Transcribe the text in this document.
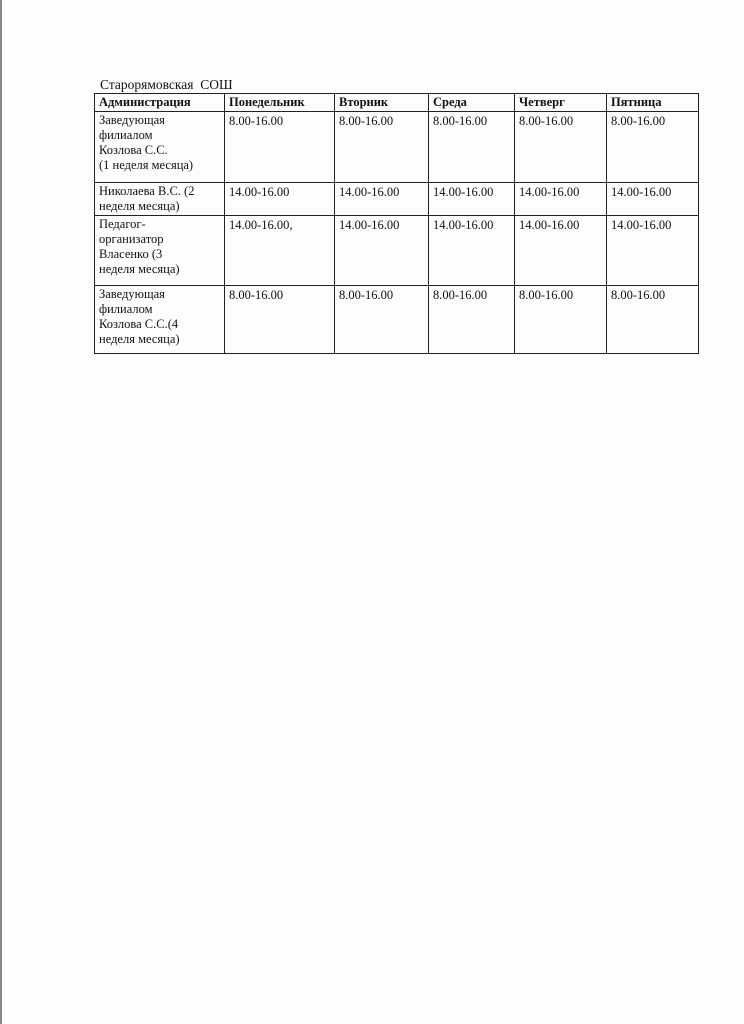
Старорямовская  СОШ
Администрация	Понедельник	Вторник	Среда	Четверг	Пятница
Заведующая
филиалом
Козлова С.С.
(1 неделя месяца)	8.00-16.00	8.00-16.00	8.00-16.00	8.00-16.00	8.00-16.00
Николаева В.С. (2
неделя месяца)	14.00-16.00	14.00-16.00	14.00-16.00	14.00-16.00	14.00-16.00
Педагог-
организатор
Власенко (3
неделя месяца)	14.00-16.00,	14.00-16.00	14.00-16.00	14.00-16.00	14.00-16.00
Заведующая
филиалом
Козлова С.С.(4
неделя месяца)	8.00-16.00	8.00-16.00	8.00-16.00	8.00-16.00	8.00-16.00
